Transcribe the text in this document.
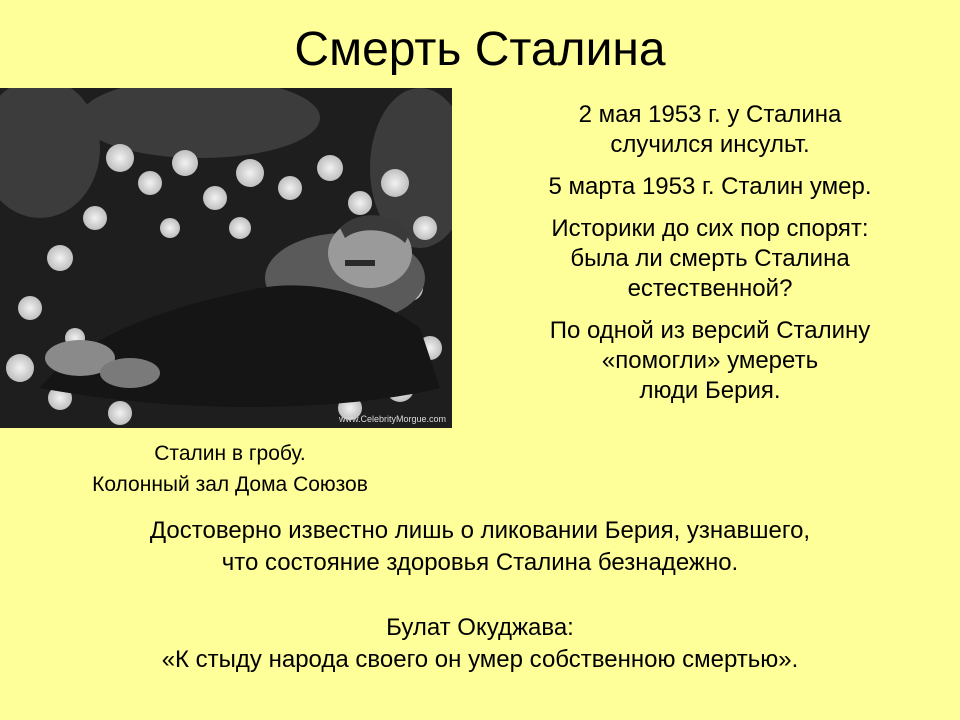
Смерть Сталина
www.CelebrityMorgue.com
Сталин в гробу.
Колонный зал Дома Союзов
2 мая 1953 г. у Сталина
случился инсульт.
5 марта 1953 г. Сталин умер.
Историки до сих пор спорят:
была ли смерть Сталина
естественной?
По одной из версий Сталину
«помогли» умереть
люди Берия.
Достоверно известно лишь о ликовании Берия, узнавшего,
что состояние здоровья Сталина безнадежно.
Булат Окуджава:
«К стыду народа своего он умер собственною смертью».
